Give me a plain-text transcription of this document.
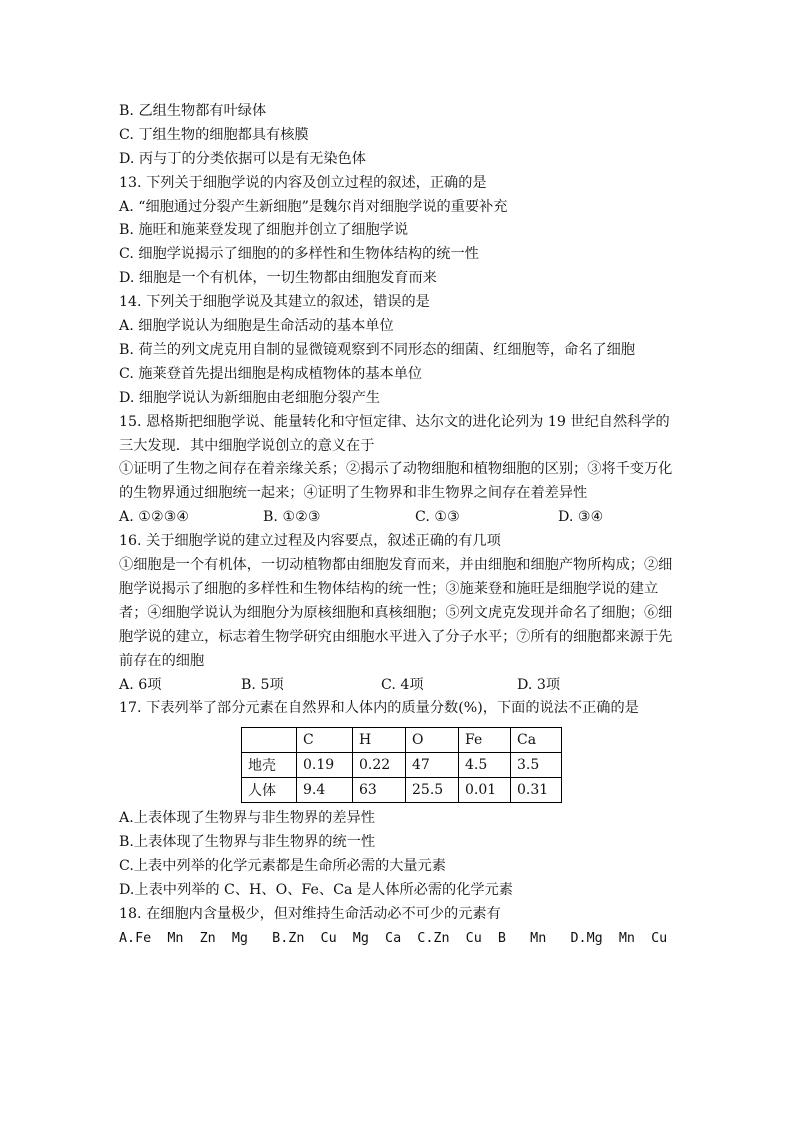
B. 乙组生物都有叶绿体
C. 丁组生物的细胞都具有核膜
D. 丙与丁的分类依据可以是有无染色体
13. 下列关于细胞学说的内容及创立过程的叙述，正确的是
A. “细胞通过分裂产生新细胞”是魏尔肖对细胞学说的重要补充
B. 施旺和施莱登发现了细胞并创立了细胞学说
C. 细胞学说揭示了细胞的的多样性和生物体结构的统一性
D. 细胞是一个有机体，一切生物都由细胞发育而来
14. 下列关于细胞学说及其建立的叙述，错误的是
A. 细胞学说认为细胞是生命活动的基本单位
B. 荷兰的列文虎克用自制的显微镜观察到不同形态的细菌、红细胞等，命名了细胞
C. 施莱登首先提出细胞是构成植物体的基本单位
D. 细胞学说认为新细胞由老细胞分裂产生
15. 恩格斯把细胞学说、能量转化和守恒定律、达尔文的进化论列为 19 世纪自然科学的三大发现．其中细胞学说创立的意义在于
①证明了生物之间存在着亲缘关系；②揭示了动物细胞和植物细胞的区别；③将千变万化的生物界通过细胞统一起来；④证明了生物界和非生物界之间存在着差异性
A. ①②③④	B. ①②③	C. ①③	D. ③④
16. 关于细胞学说的建立过程及内容要点，叙述正确的有几项
①细胞是一个有机体，一切动植物都由细胞发育而来，并由细胞和细胞产物所构成；②细胞学说揭示了细胞的多样性和生物体结构的统一性；③施莱登和施旺是细胞学说的建立者；④细胞学说认为细胞分为原核细胞和真核细胞；⑤列文虎克发现并命名了细胞；⑥细胞学说的建立，标志着生物学研究由细胞水平进入了分子水平；⑦所有的细胞都来源于先前存在的细胞
A. 6项	B. 5项	C. 4项	D. 3项
17. 下表列举了部分元素在自然界和人体内的质量分数(%)，下面的说法不正确的是
	C	H	O	Fe	Ca
地壳	0.19	0.22	47	4.5	3.5
人体	9.4	63	25.5	0.01	0.31
A.上表体现了生物界与非生物界的差异性
B.上表体现了生物界与非生物界的统一性
C.上表中列举的化学元素都是生命所必需的大量元素
D.上表中列举的 C、H、O、Fe、Ca 是人体所必需的化学元素
18. 在细胞内含量极少，但对维持生命活动必不可少的元素有
A.Fe  Mn  Zn  Mg   B.Zn  Cu  Mg  Ca  C.Zn  Cu  B   Mn   D.Mg  Mn  Cu
